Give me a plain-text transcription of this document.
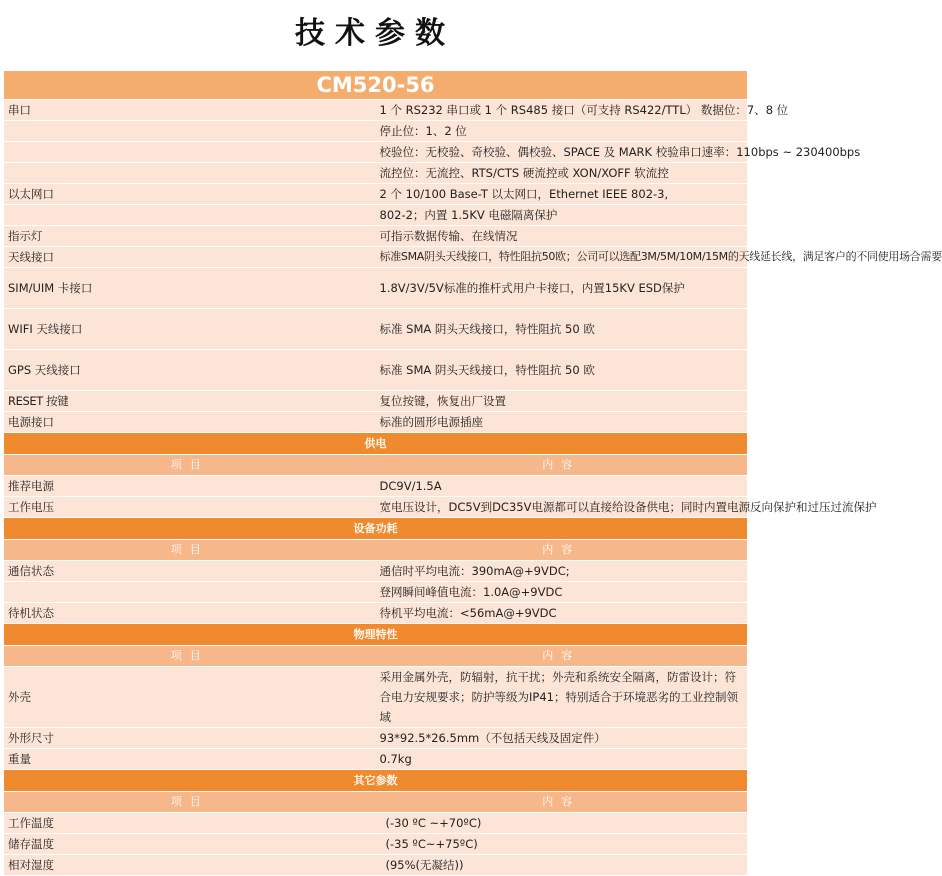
技术参数
CM520-56	
串口	1 个 RS232 串口或 1 个 RS485 接口（可支持 RS422/TTL） 数据位：7、8 位
	停止位：1、2 位
	校验位：无校验、奇校验、偶校验、SPACE 及 MARK 校验串口速率：110bps ~ 230400bps
	流控位：无流控、RTS/CTS 硬流控或 XON/XOFF 软流控
以太网口	2 个 10/100 Base-T 以太网口，Ethernet IEEE 802-3,
	802-2；内置 1.5KV 电磁隔离保护
指示灯	可指示数据传输、在线情况
天线接口	标准SMA阴头天线接口，特性阻抗50欧；公司可以选配3M/5M/10M/15M的天线延长线，满足客户的不同使用场合需要
SIM/UIM 卡接口	1.8V/3V/5V标准的推杆式用户卡接口，内置15KV ESD保护
WIFI 天线接口	标准 SMA 阴头天线接口，特性阻抗 50 欧
GPS 天线接口	标准 SMA 阴头天线接口，特性阻抗 50 欧
RESET 按键	复位按键，恢复出厂设置
电源接口	标准的圆形电源插座
供电	
项目	内容
推荐电源	DC9V/1.5A
工作电压	宽电压设计，DC5V到DC35V电源都可以直接给设备供电；同时内置电源反向保护和过压过流保护
设备功耗	
项目	内容
通信状态	通信时平均电流：390mA@+9VDC;
	登网瞬间峰值电流：1.0A@+9VDC
待机状态	待机平均电流：<56mA@+9VDC
物理特性	
项目	内容
外壳	采用金属外壳，防辐射，抗干扰；外壳和系统安全隔离，防雷设计；符合电力安规要求；防护等级为IP41；特别适合于环境恶劣的工业控制领域
外形尺寸	93*92.5*26.5mm（不包括天线及固定件）
重量	0.7kg
其它参数	
项目	内容
工作温度	(-30 ºC ~+70ºC)
储存温度	(-35 ºC~+75ºC)
相对湿度	(95%(无凝结))
